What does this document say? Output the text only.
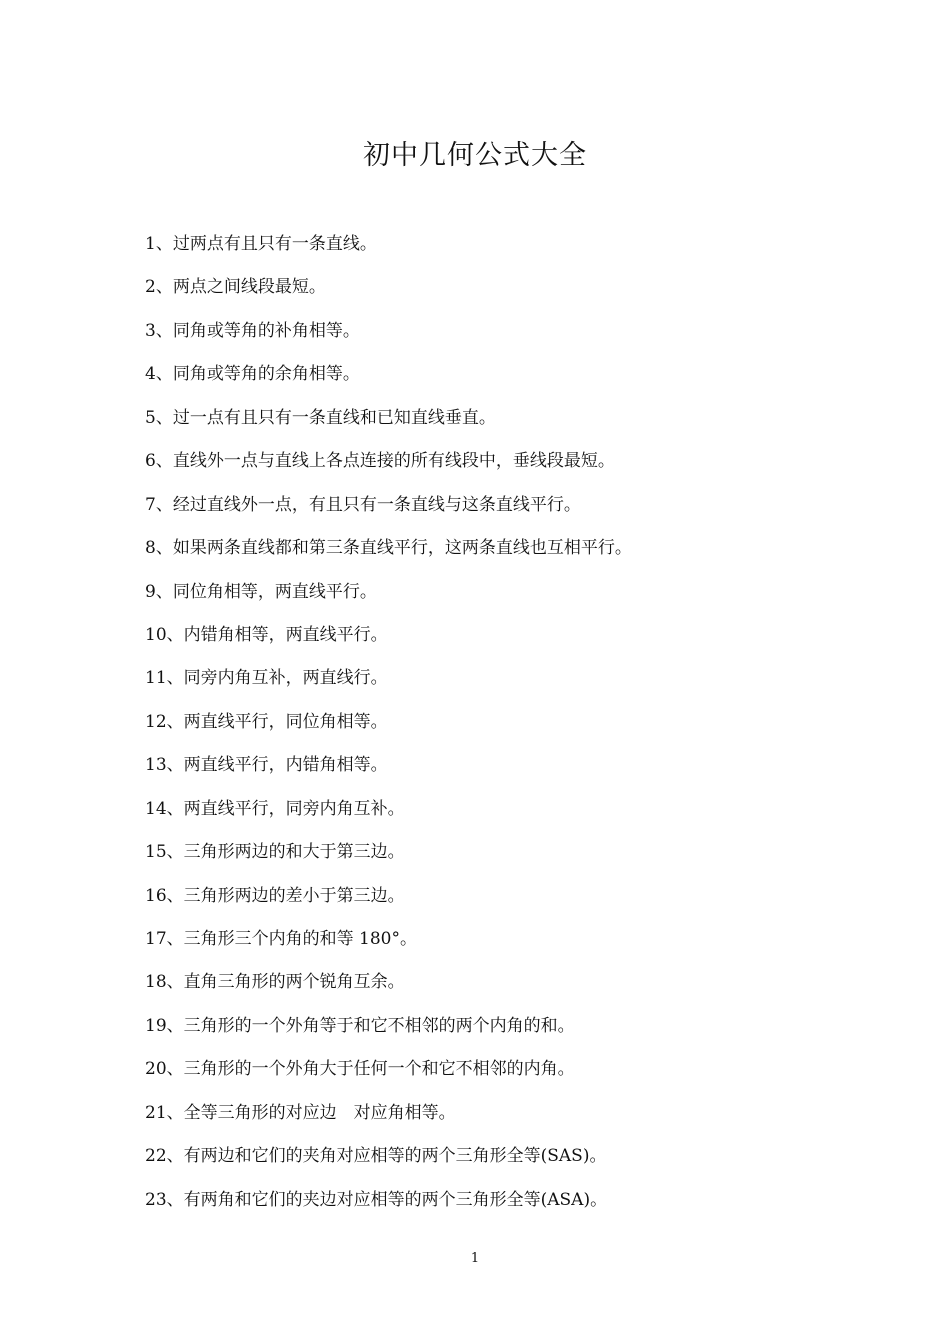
初中几何公式大全
1、过两点有且只有一条直线。
2、两点之间线段最短。
3、同角或等角的补角相等。
4、同角或等角的余角相等。
5、过一点有且只有一条直线和已知直线垂直。
6、直线外一点与直线上各点连接的所有线段中，垂线段最短。
7、经过直线外一点，有且只有一条直线与这条直线平行。
8、如果两条直线都和第三条直线平行，这两条直线也互相平行。
9、同位角相等，两直线平行。
10、内错角相等，两直线平行。
11、同旁内角互补，两直线行。
12、两直线平行，同位角相等。
13、两直线平行，内错角相等。
14、两直线平行，同旁内角互补。
15、三角形两边的和大于第三边。
16、三角形两边的差小于第三边。
17、三角形三个内角的和等 180°。
18、直角三角形的两个锐角互余。
19、三角形的一个外角等于和它不相邻的两个内角的和。
20、三角形的一个外角大于任何一个和它不相邻的内角。
21、全等三角形的对应边　对应角相等。
22、有两边和它们的夹角对应相等的两个三角形全等(SAS)。
23、有两角和它们的夹边对应相等的两个三角形全等(ASA)。
1
